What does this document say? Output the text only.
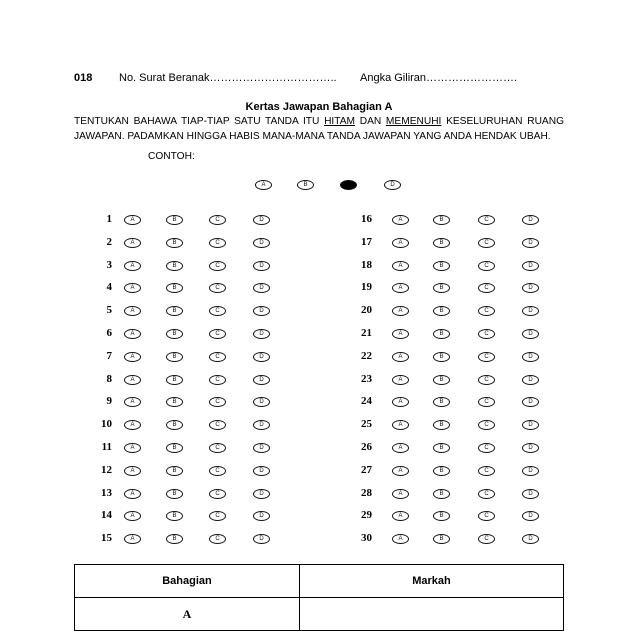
018 No. Surat Beranak…………………………….. Angka Giliran…………………….
Kertas Jawapan Bahagian A
TENTUKAN BAHAWA TIAP-TIAP SATU TANDA ITU HITAM DAN MEMENUHI KESELURUHAN RUANG JAWAPAN. PADAMKAN HINGGA HABIS MANA-MANA TANDA JAWAPAN YANG ANDA HENDAK UBAH.
CONTOH:
A	B	D
1	A	B	C	D
2	A	B	C	D
3	A	B	C	D
4	A	B	C	D
5	A	B	C	D
6	A	B	C	D
7	A	B	C	D
8	A	B	C	D
9	A	B	C	D
10	A	B	C	D
11	A	B	C	D
12	A	B	C	D
13	A	B	C	D
14	A	B	C	D
15	A	B	C	D
16	A	B	C	D
17	A	B	C	D
18	A	B	C	D
19	A	B	C	D
20	A	B	C	D
21	A	B	C	D
22	A	B	C	D
23	A	B	C	D
24	A	B	C	D
25	A	B	C	D
26	A	B	C	D
27	A	B	C	D
28	A	B	C	D
29	A	B	C	D
30	A	B	C	D
Bahagian	Markah
A	
